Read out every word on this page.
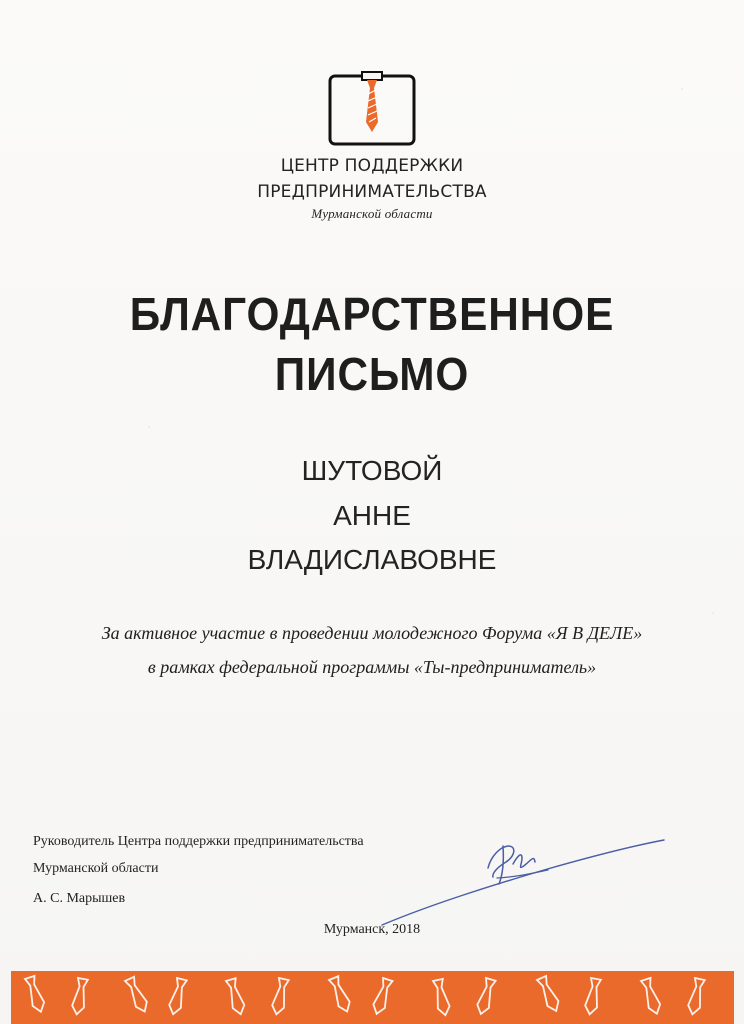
ЦЕНТР ПОДДЕРЖКИ
ПРЕДПРИНИМАТЕЛЬСТВА
Мурманской области
БЛАГОДАРСТВЕННОЕ
ПИСЬМО
ШУТОВОЙ
АННЕ
ВЛАДИСЛАВОВНЕ
За активное участие в проведении молодежного Форума «Я В ДЕЛЕ»
в рамках федеральной программы «Ты-предприниматель»
Руководитель Центра поддержки предпринимательства
Мурманской области
А. С. Марышев
Мурманск, 2018
